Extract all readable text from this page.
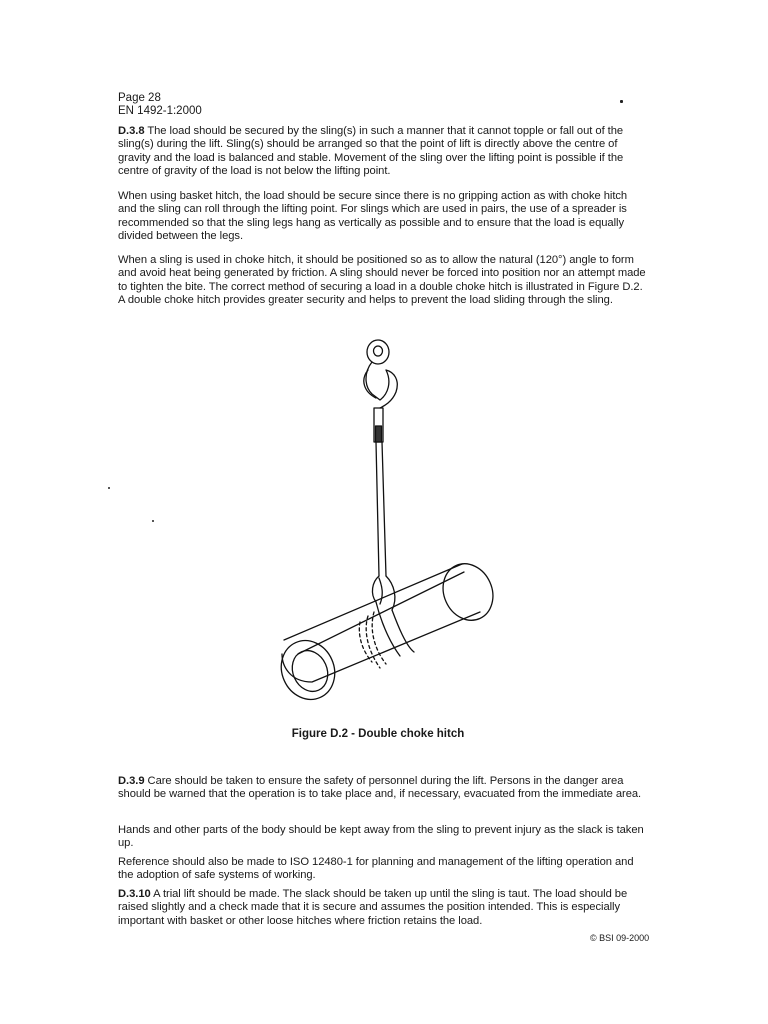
Page 28
EN 1492-1:2000

D.3.8 The load should be secured by the sling(s) in such a manner that it cannot topple or fall out of the sling(s) during the lift. Sling(s) should be arranged so that the point of lift is directly above the centre of gravity and the load is balanced and stable. Movement of the sling over the lifting point is possible if the centre of gravity of the load is not below the lifting point.

When using basket hitch, the load should be secure since there is no gripping action as with choke hitch and the sling can roll through the lifting point. For slings which are used in pairs, the use of a spreader is recommended so that the sling legs hang as vertically as possible and to ensure that the load is equally divided between the legs.

When a sling is used in choke hitch, it should be positioned so as to allow the natural (120°) angle to form and avoid heat being generated by friction. A sling should never be forced into position nor an attempt made to tighten the bite. The correct method of securing a load in a double choke hitch is illustrated in Figure D.2. A double choke hitch provides greater security and helps to prevent the load sliding through the sling.

Figure D.2 - Double choke hitch

D.3.9 Care should be taken to ensure the safety of personnel during the lift. Persons in the danger area should be warned that the operation is to take place and, if necessary, evacuated from the immediate area.

Hands and other parts of the body should be kept away from the sling to prevent injury as the slack is taken up.

Reference should also be made to ISO 12480-1 for planning and management of the lifting operation and the adoption of safe systems of working.

D.3.10 A trial lift should be made. The slack should be taken up until the sling is taut. The load should be raised slightly and a check made that it is secure and assumes the position intended. This is especially important with basket or other loose hitches where friction retains the load.

© BSI 09-2000
